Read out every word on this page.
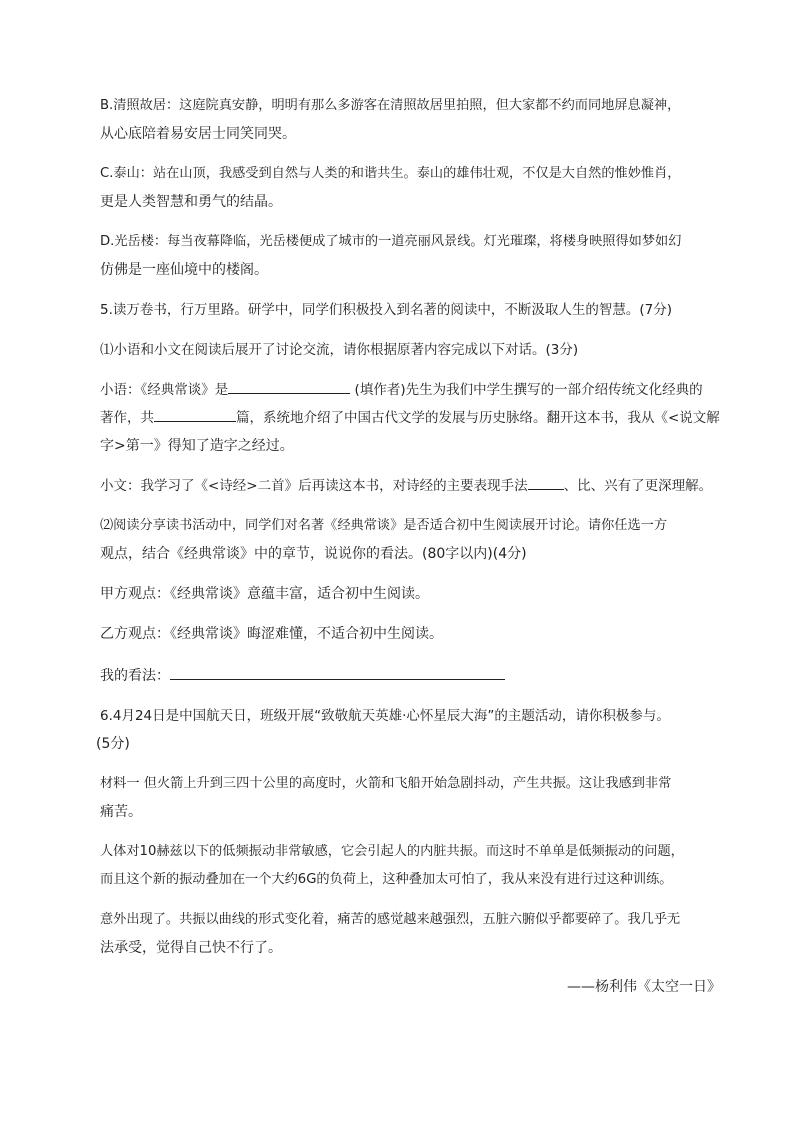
B.清照故居：这庭院真安静，明明有那么多游客在清照故居里拍照，但大家都不约而同地屏息凝神，
从心底陪着易安居士同笑同哭。

C.泰山：站在山顶，我感受到自然与人类的和谐共生。泰山的雄伟壮观，不仅是大自然的惟妙惟肖，
更是人类智慧和勇气的结晶。

D.光岳楼：每当夜幕降临，光岳楼便成了城市的一道亮丽风景线。灯光璀璨，将楼身映照得如梦如幻
仿佛是一座仙境中的楼阁。

5.读万卷书，行万里路。研学中，同学们积极投入到名著的阅读中，不断汲取人生的智慧。(7分)

⑴小语和小文在阅读后展开了讨论交流，请你根据原著内容完成以下对话。(3分)

小语：《经典常谈》是	(填作者)先生为我们中学生撰写的一部介绍传统文化经典的
著作，共	篇，系统地介绍了中国古代文学的发展与历史脉络。翻开这本书，我从《<说文解
字>第一》得知了造字之经过。

小文：我学习了《<诗经>二首》后再读这本书，对诗经的主要表现手法	、比、兴有了更深理解。

⑵阅读分享读书活动中，同学们对名著《经典常谈》是否适合初中生阅读展开讨论。请你任选一方
观点，结合《经典常谈》中的章节，说说你的看法。(80字以内)(4分)

甲方观点：《经典常谈》意蕴丰富，适合初中生阅读。

乙方观点：《经典常谈》晦涩难懂，不适合初中生阅读。

我的看法：

6.4月24日是中国航天日，班级开展“致敬航天英雄·心怀星辰大海”的主题活动，请你积极参与。
(5分)

材料一 但火箭上升到三四十公里的高度时，火箭和飞船开始急剧抖动，产生共振。这让我感到非常
痛苦。

人体对10赫兹以下的低频振动非常敏感，它会引起人的内脏共振。而这时不单单是低频振动的问题，
而且这个新的振动叠加在一个大约6G的负荷上，这种叠加太可怕了，我从来没有进行过这种训练。

意外出现了。共振以曲线的形式变化着，痛苦的感觉越来越强烈，五脏六腑似乎都要碎了。我几乎无
法承受，觉得自己快不行了。

——杨利伟《太空一日》
